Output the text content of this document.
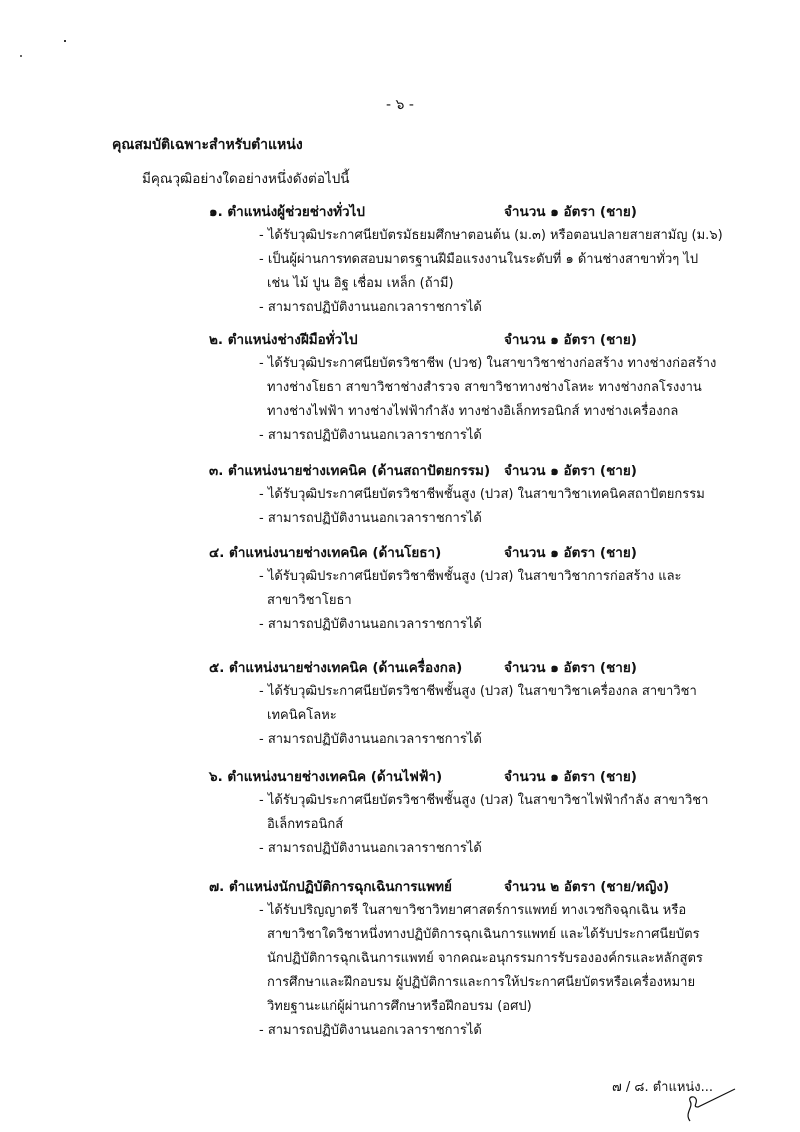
- ๖ -
คุณสมบัติเฉพาะสำหรับตำแหน่ง
มีคุณวุฒิอย่างใดอย่างหนึ่งดังต่อไปนี้
๑. ตำแหน่งผู้ช่วยช่างทั่วไป	จำนวน ๑ อัตรา (ชาย)
- ได้รับวุฒิประกาศนียบัตรมัธยมศึกษาตอนต้น (ม.๓) หรือตอนปลายสายสามัญ (ม.๖)
- เป็นผู้ผ่านการทดสอบมาตรฐานฝีมือแรงงานในระดับที่ ๑ ด้านช่างสาขาทั่วๆ ไป
เช่น ไม้ ปูน อิฐ เชื่อม เหล็ก (ถ้ามี)
- สามารถปฏิบัติงานนอกเวลาราชการได้
๒. ตำแหน่งช่างฝีมือทั่วไป	จำนวน ๑ อัตรา (ชาย)
- ได้รับวุฒิประกาศนียบัตรวิชาชีพ (ปวช) ในสาขาวิชาช่างก่อสร้าง ทางช่างก่อสร้าง
ทางช่างโยธา สาขาวิชาช่างสำรวจ สาขาวิชาทางช่างโลหะ ทางช่างกลโรงงาน
ทางช่างไฟฟ้า ทางช่างไฟฟ้ากำลัง ทางช่างอิเล็กทรอนิกส์ ทางช่างเครื่องกล
- สามารถปฏิบัติงานนอกเวลาราชการได้
๓. ตำแหน่งนายช่างเทคนิค (ด้านสถาปัตยกรรม) จำนวน ๑ อัตรา (ชาย)
- ได้รับวุฒิประกาศนียบัตรวิชาชีพชั้นสูง (ปวส) ในสาขาวิชาเทคนิคสถาปัตยกรรม
- สามารถปฏิบัติงานนอกเวลาราชการได้
๔. ตำแหน่งนายช่างเทคนิค (ด้านโยธา)	จำนวน ๑ อัตรา (ชาย)
- ได้รับวุฒิประกาศนียบัตรวิชาชีพชั้นสูง (ปวส) ในสาขาวิชาการก่อสร้าง และ
สาขาวิชาโยธา
- สามารถปฏิบัติงานนอกเวลาราชการได้
๕. ตำแหน่งนายช่างเทคนิค (ด้านเครื่องกล)	จำนวน ๑ อัตรา (ชาย)
- ได้รับวุฒิประกาศนียบัตรวิชาชีพชั้นสูง (ปวส) ในสาขาวิชาเครื่องกล สาขาวิชา
เทคนิคโลหะ
- สามารถปฏิบัติงานนอกเวลาราชการได้
๖. ตำแหน่งนายช่างเทคนิค (ด้านไฟฟ้า)	จำนวน ๑ อัตรา (ชาย)
- ได้รับวุฒิประกาศนียบัตรวิชาชีพชั้นสูง (ปวส) ในสาขาวิชาไฟฟ้ากำลัง สาขาวิชา
อิเล็กทรอนิกส์
- สามารถปฏิบัติงานนอกเวลาราชการได้
๗. ตำแหน่งนักปฏิบัติการฉุกเฉินการแพทย์	จำนวน ๒ อัตรา (ชาย/หญิง)
- ได้รับปริญญาตรี ในสาขาวิชาวิทยาศาสตร์การแพทย์ ทางเวชกิจฉุกเฉิน หรือ
สาขาวิชาใดวิชาหนึ่งทางปฏิบัติการฉุกเฉินการแพทย์ และได้รับประกาศนียบัตร
นักปฏิบัติการฉุกเฉินการแพทย์ จากคณะอนุกรรมการรับรององค์กรและหลักสูตร
การศึกษาและฝึกอบรม ผู้ปฏิบัติการและการให้ประกาศนียบัตรหรือเครื่องหมาย
วิทยฐานะแก่ผู้ผ่านการศึกษาหรือฝึกอบรม (อศป)
- สามารถปฏิบัติงานนอกเวลาราชการได้
๗ / ๘. ตำแหน่ง...
